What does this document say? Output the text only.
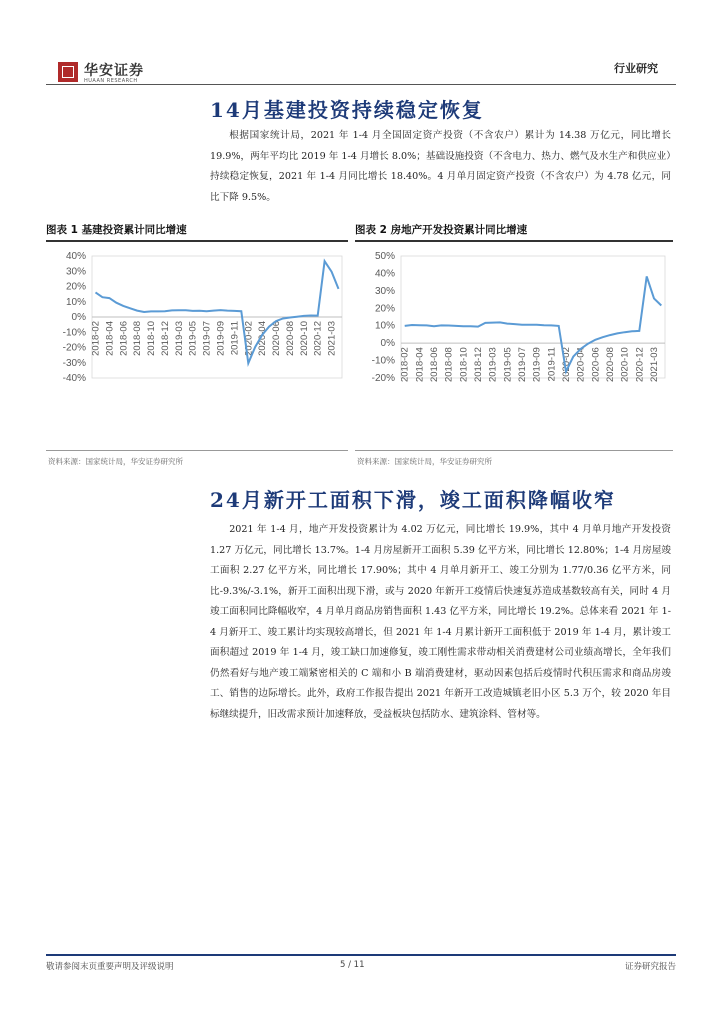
华安证券
HUAAN RESEARCH
行业研究
14月基建投资持续稳定恢复
根据国家统计局，2021 年 1-4 月全国固定资产投资（不含农户）累计为 14.38 万亿元，同比增长 19.9%，两年平均比 2019 年 1-4 月增长 8.0%；基础设施投资（不含电力、热力、燃气及水生产和供应业）持续稳定恢复，2021 年 1-4 月同比增长 18.40%。4 月单月固定资产投资（不含农户）为 4.78 亿元，同比下降 9.5%。
图表 1 基建投资累计同比增速	图表 2 房地产开发投资累计同比增速
40%
30%
20%
10%
0%
-10%
-20%
-30%
-40%
2018-02 2018-04 2018-06 2018-08 2018-10 2018-12 2019-03 2019-05 2019-07 2019-09 2019-11 2020-02 2020-04 2020-06 2020-08 2020-10 2020-12 2021-03
50%
40%
30%
20%
10%
0%
-10%
-20% 2018-02 2018-04 2018-06 2018-08 2018-10 2018-12 2019-03 2019-05 2019-07 2019-09 2019-11 2020-02 2020-04 2020-06 2020-08 2020-10 2020-12 2021-03
资料来源：国家统计局，华安证券研究所	资料来源：国家统计局，华安证券研究所
24月新开工面积下滑，竣工面积降幅收窄
2021 年 1-4 月，地产开发投资累计为 4.02 万亿元，同比增长 19.9%，其中 4 月单月地产开发投资 1.27 万亿元，同比增长 13.7%。1-4 月房屋新开工面积 5.39 亿平方米，同比增长 12.80%；1-4 月房屋竣工面积 2.27 亿平方米，同比增长 17.90%；其中 4 月单月新开工、竣工分别为 1.77/0.36 亿平方米，同比-9.3%/-3.1%，新开工面积出现下滑，或与 2020 年新开工疫情后快速复苏造成基数较高有关，同时 4 月竣工面积同比降幅收窄，4 月单月商品房销售面积 1.43 亿平方米，同比增长 19.2%。总体来看 2021 年 1-4 月新开工、竣工累计均实现较高增长，但 2021 年 1-4 月累计新开工面积低于 2019 年 1-4 月，累计竣工面积超过 2019 年 1-4 月，竣工缺口加速修复，竣工刚性需求带动相关消费建材公司业绩高增长，全年我们仍然看好与地产竣工端紧密相关的 C 端和小 B 端消费建材，驱动因素包括后疫情时代积压需求和商品房竣工、销售的边际增长。此外，政府工作报告提出 2021 年新开工改造城镇老旧小区 5.3 万个，较 2020 年目标继续提升，旧改需求预计加速释放，受益板块包括防水、建筑涂料、管材等。
敬请参阅末页重要声明及评级说明	5 / 11	证券研究报告
